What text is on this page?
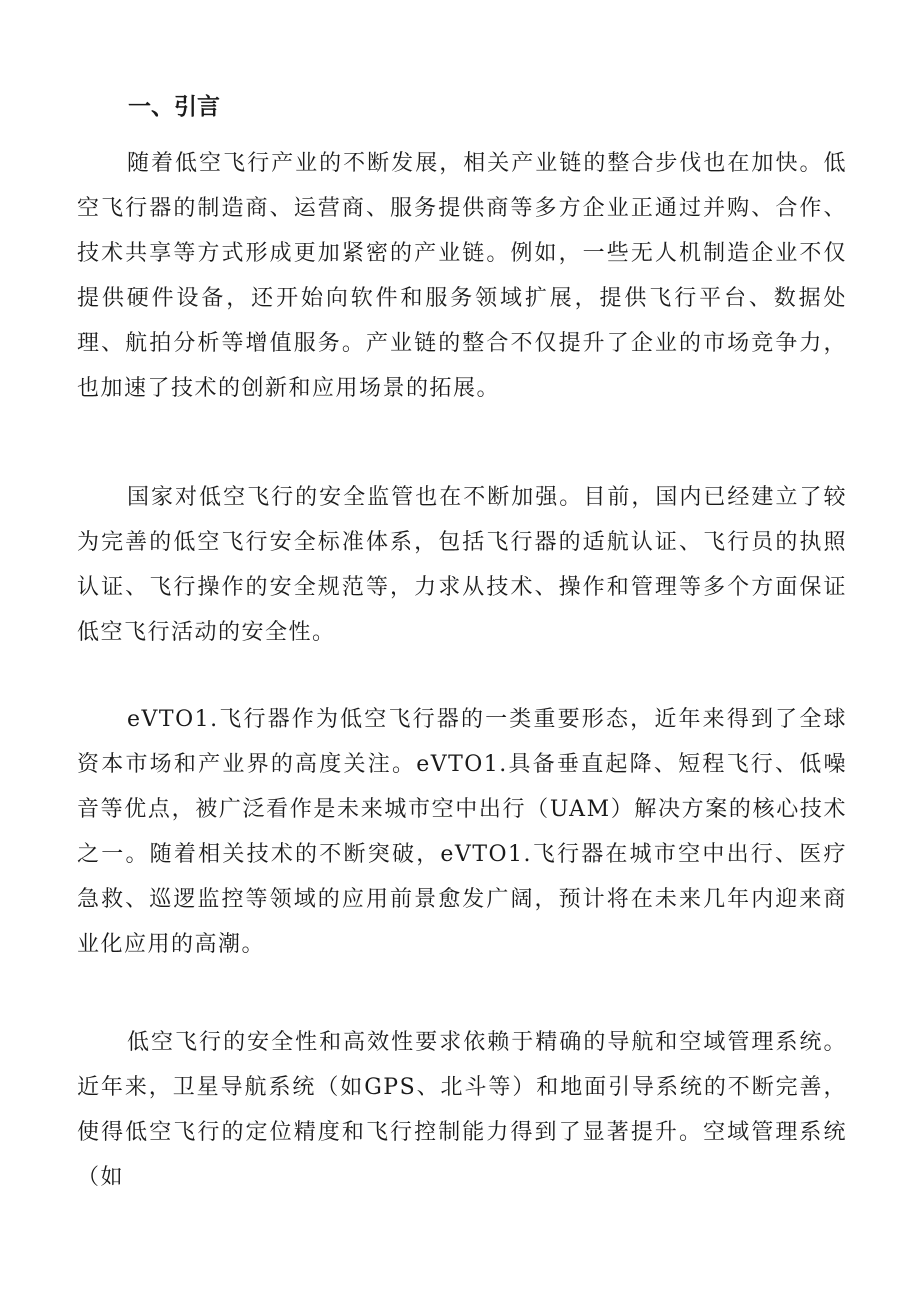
一、引言

随着低空飞行产业的不断发展，相关产业链的整合步伐也在加快。低空飞行器的制造商、运营商、服务提供商等多方企业正通过并购、合作、技术共享等方式形成更加紧密的产业链。例如，一些无人机制造企业不仅提供硬件设备，还开始向软件和服务领域扩展，提供飞行平台、数据处理、航拍分析等增值服务。产业链的整合不仅提升了企业的市场竞争力，也加速了技术的创新和应用场景的拓展。

国家对低空飞行的安全监管也在不断加强。目前，国内已经建立了较为完善的低空飞行安全标准体系，包括飞行器的适航认证、飞行员的执照认证、飞行操作的安全规范等，力求从技术、操作和管理等多个方面保证低空飞行活动的安全性。

eVTO1.飞行器作为低空飞行器的一类重要形态，近年来得到了全球资本市场和产业界的高度关注。eVTO1.具备垂直起降、短程飞行、低噪音等优点，被广泛看作是未来城市空中出行（UAM）解决方案的核心技术之一。随着相关技术的不断突破，eVTO1.飞行器在城市空中出行、医疗急救、巡逻监控等领域的应用前景愈发广阔，预计将在未来几年内迎来商业化应用的高潮。

低空飞行的安全性和高效性要求依赖于精确的导航和空域管理系统。近年来，卫星导航系统（如GPS、北斗等）和地面引导系统的不断完善，使得低空飞行的定位精度和飞行控制能力得到了显著提升。空域管理系统（如
